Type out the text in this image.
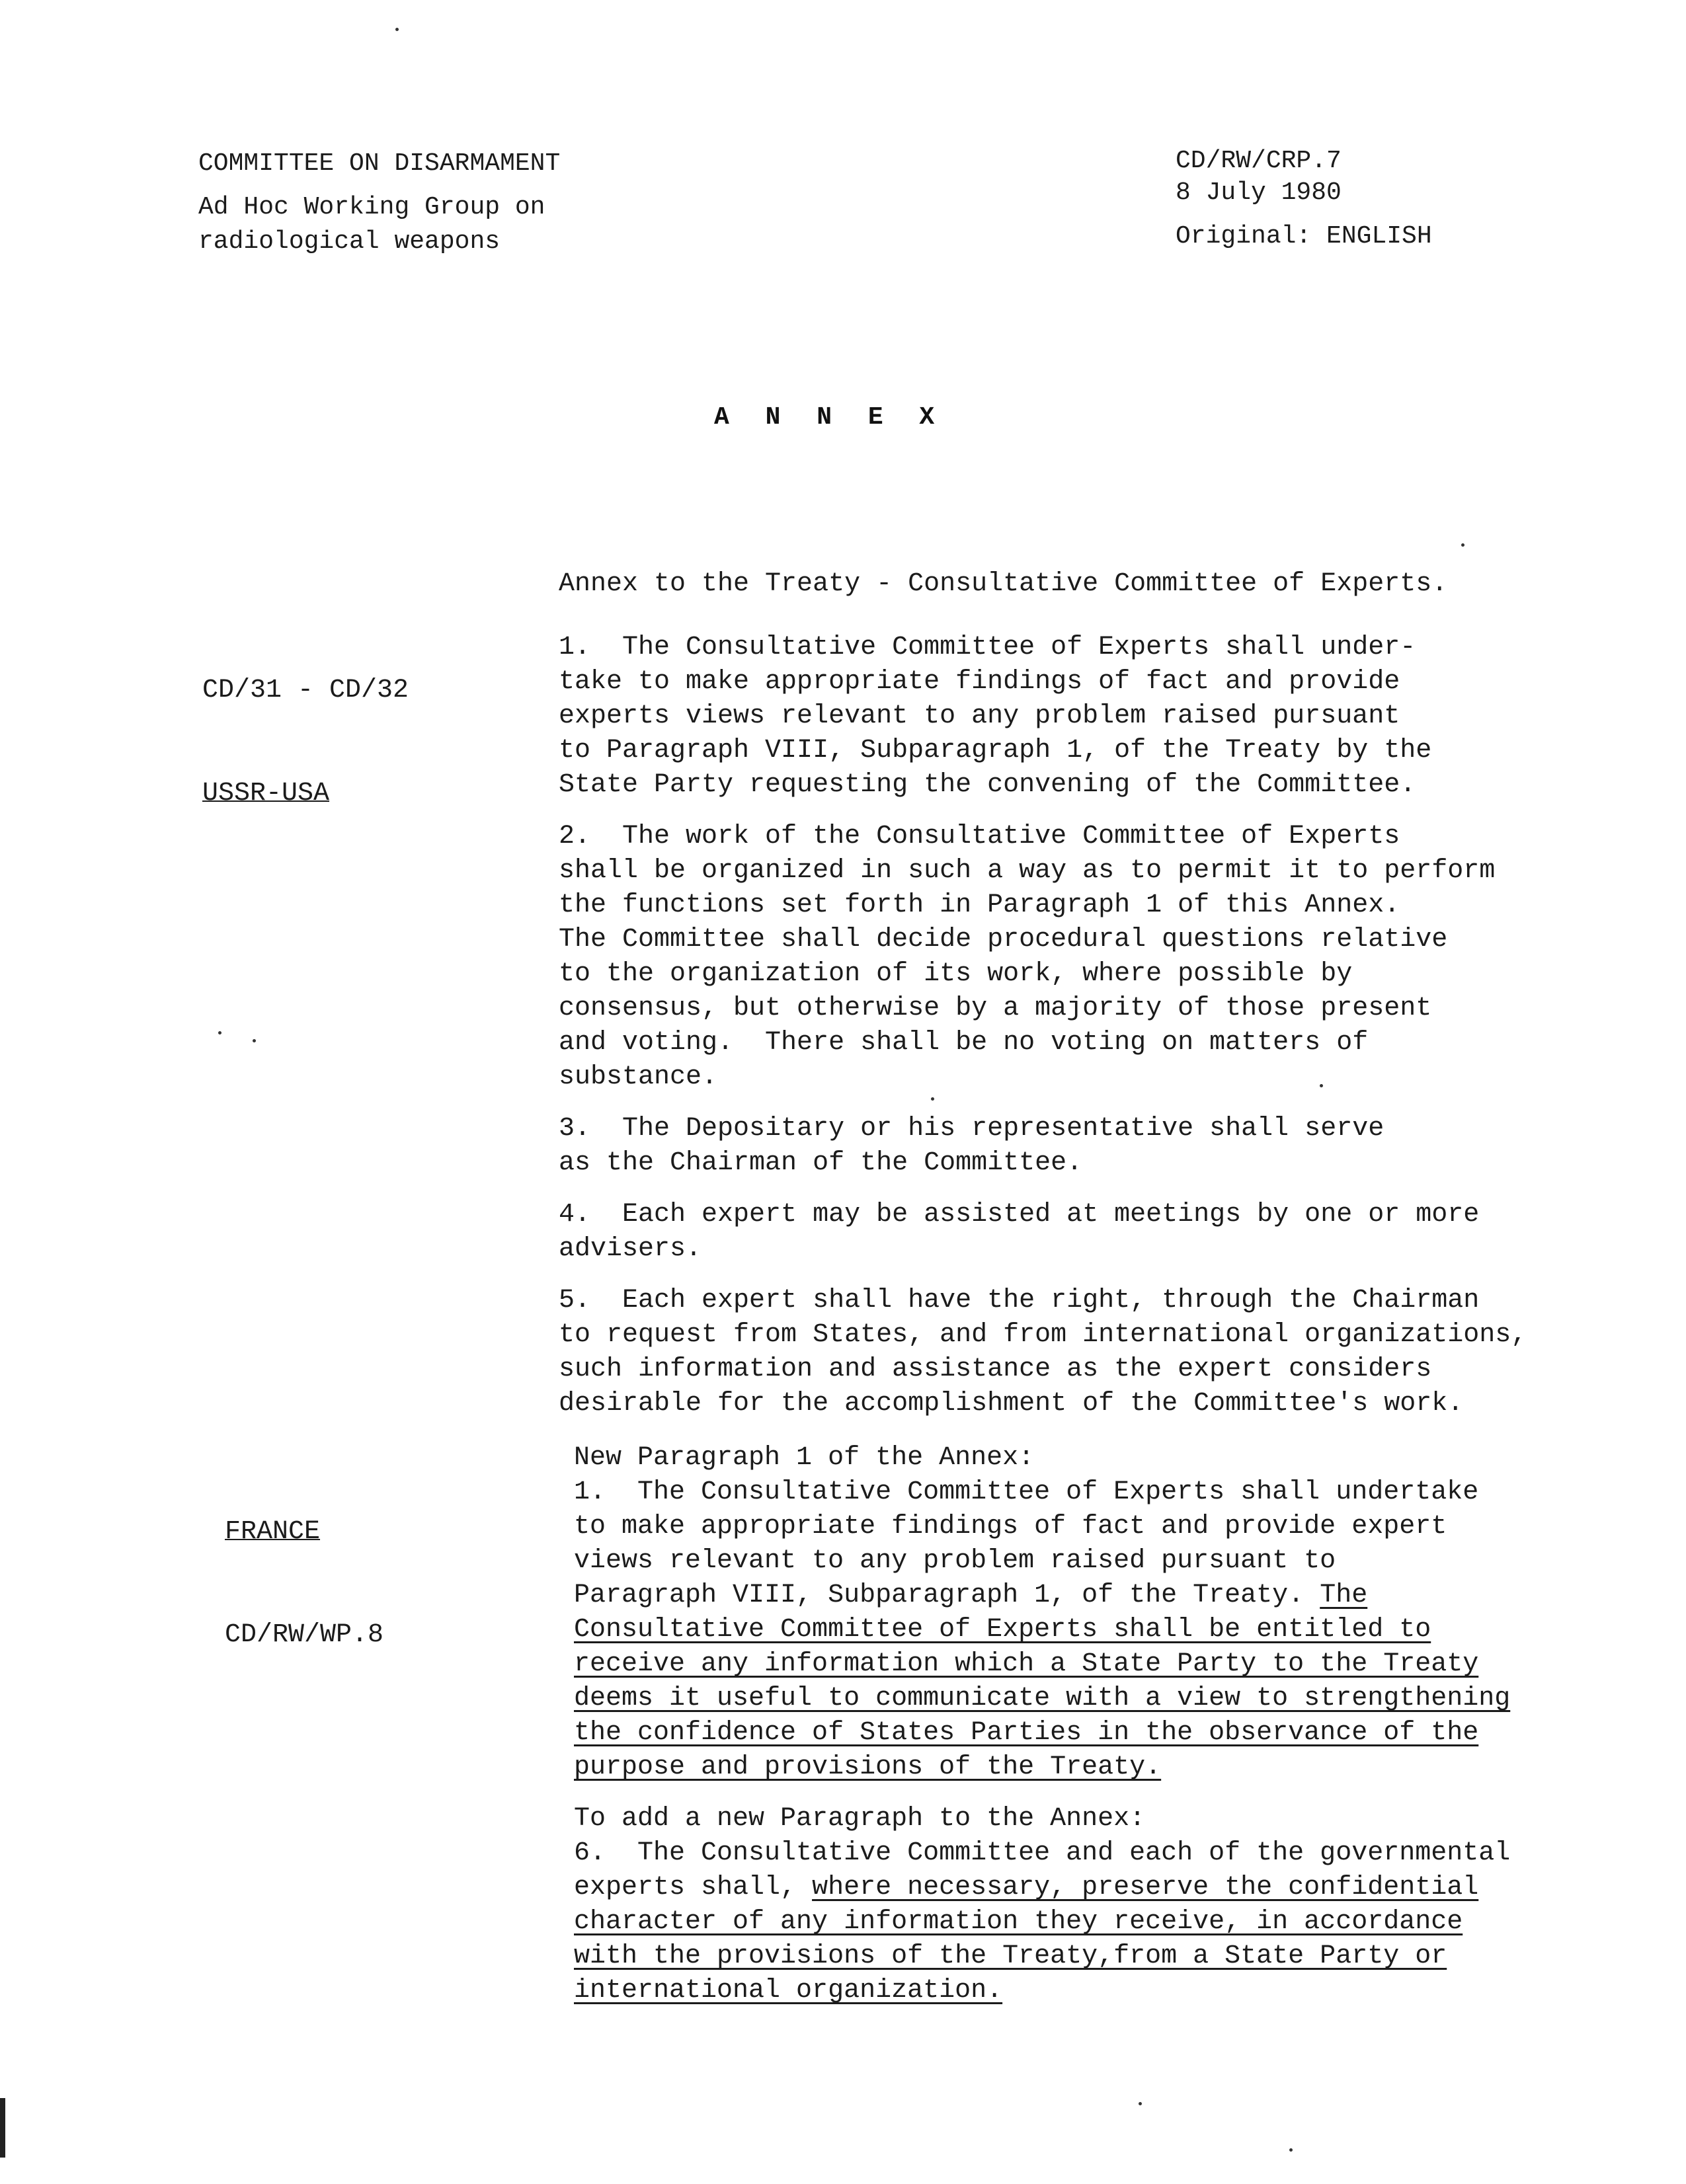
COMMITTEE ON DISARMAMENT

Ad Hoc Working Group on

radiological weapons

CD/RW/CRP.7

8 July 1980

Original: ENGLISH

A N N E X

CD/31 - CD/32

USSR-USA

Annex to the Treaty - Consultative Committee of Experts.

1.  The Consultative Committee of Experts shall under-
take to make appropriate findings of fact and provide
experts views relevant to any problem raised pursuant
to Paragraph VIII, Subparagraph 1, of the Treaty by the
State Party requesting the convening of the Committee.

2.  The work of the Consultative Committee of Experts
shall be organized in such a way as to permit it to perform
the functions set forth in Paragraph 1 of this Annex.
The Committee shall decide procedural questions relative
to the organization of its work, where possible by
consensus, but otherwise by a majority of those present
and voting.  There shall be no voting on matters of
substance.

3.  The Depositary or his representative shall serve
as the Chairman of the Committee.

4.  Each expert may be assisted at meetings by one or more
advisers.

5.  Each expert shall have the right, through the Chairman
to request from States, and from international organizations,
such information and assistance as the expert considers
desirable for the accomplishment of the Committee's work.

FRANCE

CD/RW/WP.8

New Paragraph 1 of the Annex:

1.  The Consultative Committee of Experts shall undertake
to make appropriate findings of fact and provide expert
views relevant to any problem raised pursuant to
Paragraph VIII, Subparagraph 1, of the Treaty. The
Consultative Committee of Experts shall be entitled to
receive any information which a State Party to the Treaty
deems it useful to communicate with a view to strengthening
the confidence of States Parties in the observance of the
purpose and provisions of the Treaty.

To add a new Paragraph to the Annex:

6.  The Consultative Committee and each of the governmental
experts shall, where necessary, preserve the confidential
character of any information they receive, in accordance
with the provisions of the Treaty,from a State Party or
international organization.
